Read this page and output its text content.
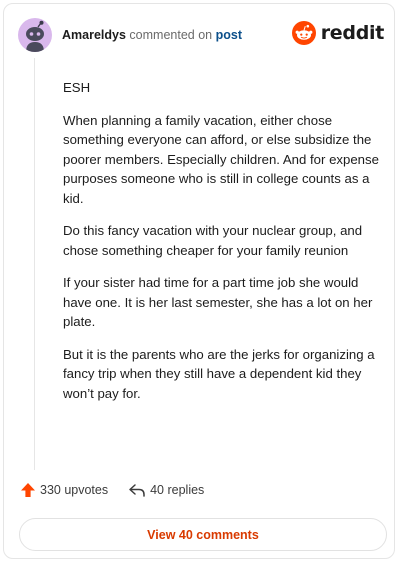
Amareldys commented on post	reddit

ESH

When planning a family vacation, either chose something everyone can afford, or else subsidize the poorer members. Especially children. And for expense purposes someone who is still in college counts as a kid.

Do this fancy vacation with your nuclear group, and chose something cheaper for your family reunion

If your sister had time for a part time job she would have one. It is her last semester, she has a lot on her plate.

But it is the parents who are the jerks for organizing a fancy trip when they still have a dependent kid they won’t pay for.

330 upvotes	40 replies
View 40 comments
